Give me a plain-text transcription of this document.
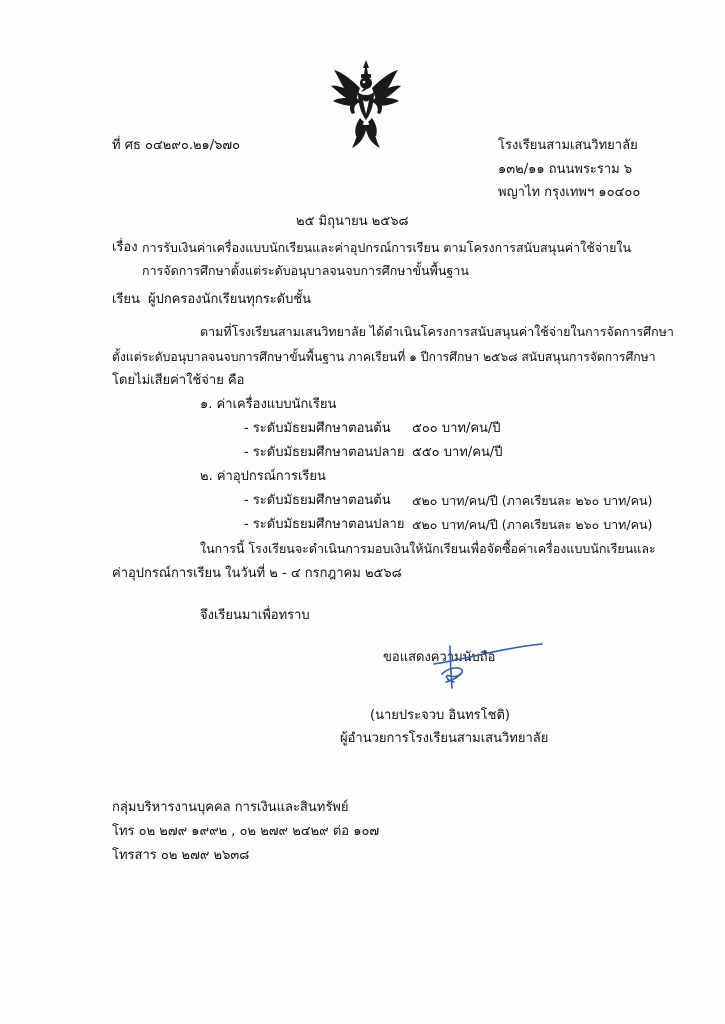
ที่ ศธ ๐๔๒๙๐.๒๑/๖๗๐	โรงเรียนสามเสนวิทยาลัย
๑๓๒/๑๑ ถนนพระราม ๖
พญาไท กรุงเทพฯ ๑๐๔๐๐
๒๕ มิถุนายน ๒๕๖๘
เรื่อง การรับเงินค่าเครื่องแบบนักเรียนและค่าอุปกรณ์การเรียน ตามโครงการสนับสนุนค่าใช้จ่ายใน
การจัดการศึกษาตั้งแต่ระดับอนุบาลจนจบการศึกษาขั้นพื้นฐาน
เรียน ผู้ปกครองนักเรียนทุกระดับชั้น
ตามที่โรงเรียนสามเสนวิทยาลัย ได้ดำเนินโครงการสนับสนุนค่าใช้จ่ายในการจัดการศึกษา
ตั้งแต่ระดับอนุบาลจนจบการศึกษาขั้นพื้นฐาน ภาคเรียนที่ ๑ ปีการศึกษา ๒๕๖๘ สนับสนุนการจัดการศึกษา
โดยไม่เสียค่าใช้จ่าย คือ
๑. ค่าเครื่องแบบนักเรียน
- ระดับมัธยมศึกษาตอนต้น ๕๐๐ บาท/คน/ปี
- ระดับมัธยมศึกษาตอนปลาย ๕๕๐ บาท/คน/ปี
๒. ค่าอุปกรณ์การเรียน
- ระดับมัธยมศึกษาตอนต้น ๕๒๐ บาท/คน/ปี (ภาคเรียนละ ๒๖๐ บาท/คน)
- ระดับมัธยมศึกษาตอนปลาย ๕๒๐ บาท/คน/ปี (ภาคเรียนละ ๒๖๐ บาท/คน)
ในการนี้ โรงเรียนจะดำเนินการมอบเงินให้นักเรียนเพื่อจัดซื้อค่าเครื่องแบบนักเรียนและ
ค่าอุปกรณ์การเรียน ในวันที่ ๒ - ๔ กรกฎาคม ๒๕๖๘
จึงเรียนมาเพื่อทราบ
ขอแสดงความนับถือ
(นายประจวบ อินทรโชติ)
ผู้อำนวยการโรงเรียนสามเสนวิทยาลัย
กลุ่มบริหารงานบุคคล การเงินและสินทรัพย์
โทร ๐๒ ๒๗๙ ๑๙๙๒ , ๐๒ ๒๗๙ ๒๔๒๙ ต่อ ๑๐๗
โทรสาร ๐๒ ๒๗๙ ๒๖๓๘
